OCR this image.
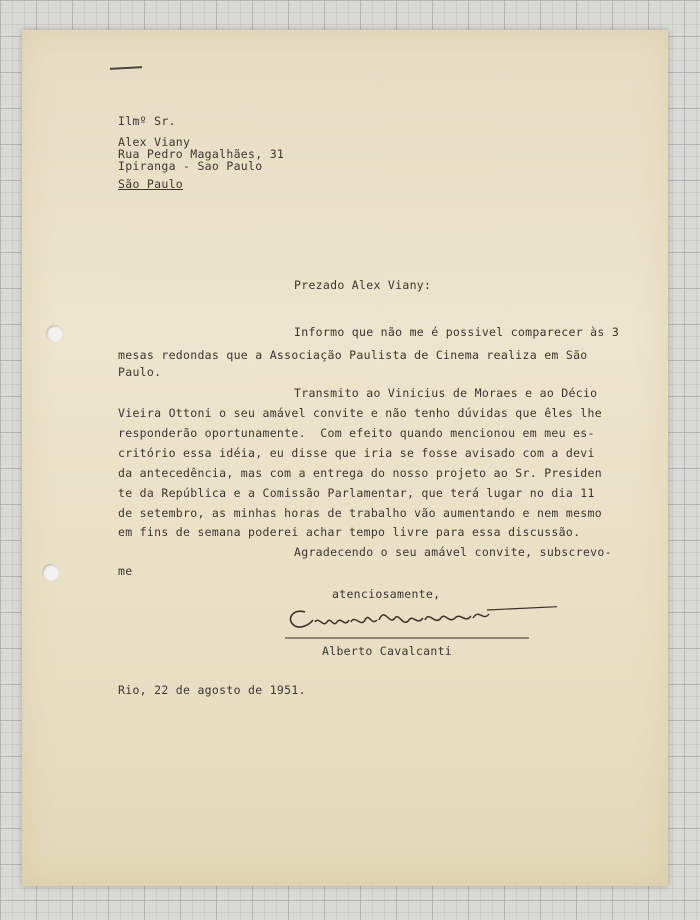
Ilmº Sr.
Alex Viany
Rua Pedro Magalhães, 31
Ipiranga - Sao Paulo
São Paulo
Prezado Alex Viany:
Informo que não me é possivel comparecer às 3
mesas redondas que a Associação Paulista de Cinema realiza em São
Paulo.
Transmito ao Vinicius de Moraes e ao Décio
Vieira Ottoni o seu amável convite e não tenho dúvidas que êles lhe
responderão oportunamente.  Com efeito quando mencionou em meu es-
critório essa idéia, eu disse que iria se fosse avisado com a devi
da antecedência, mas com a entrega do nosso projeto ao Sr. Presiden
te da República e a Comissão Parlamentar, que terá lugar no dia 11
de setembro, as minhas horas de trabalho vão aumentando e nem mesmo
em fins de semana poderei achar tempo livre para essa discussão.
Agradecendo o seu amável convite, subscrevo-
me
atenciosamente,
Alberto Cavalcanti
Rio, 22 de agosto de 1951.
